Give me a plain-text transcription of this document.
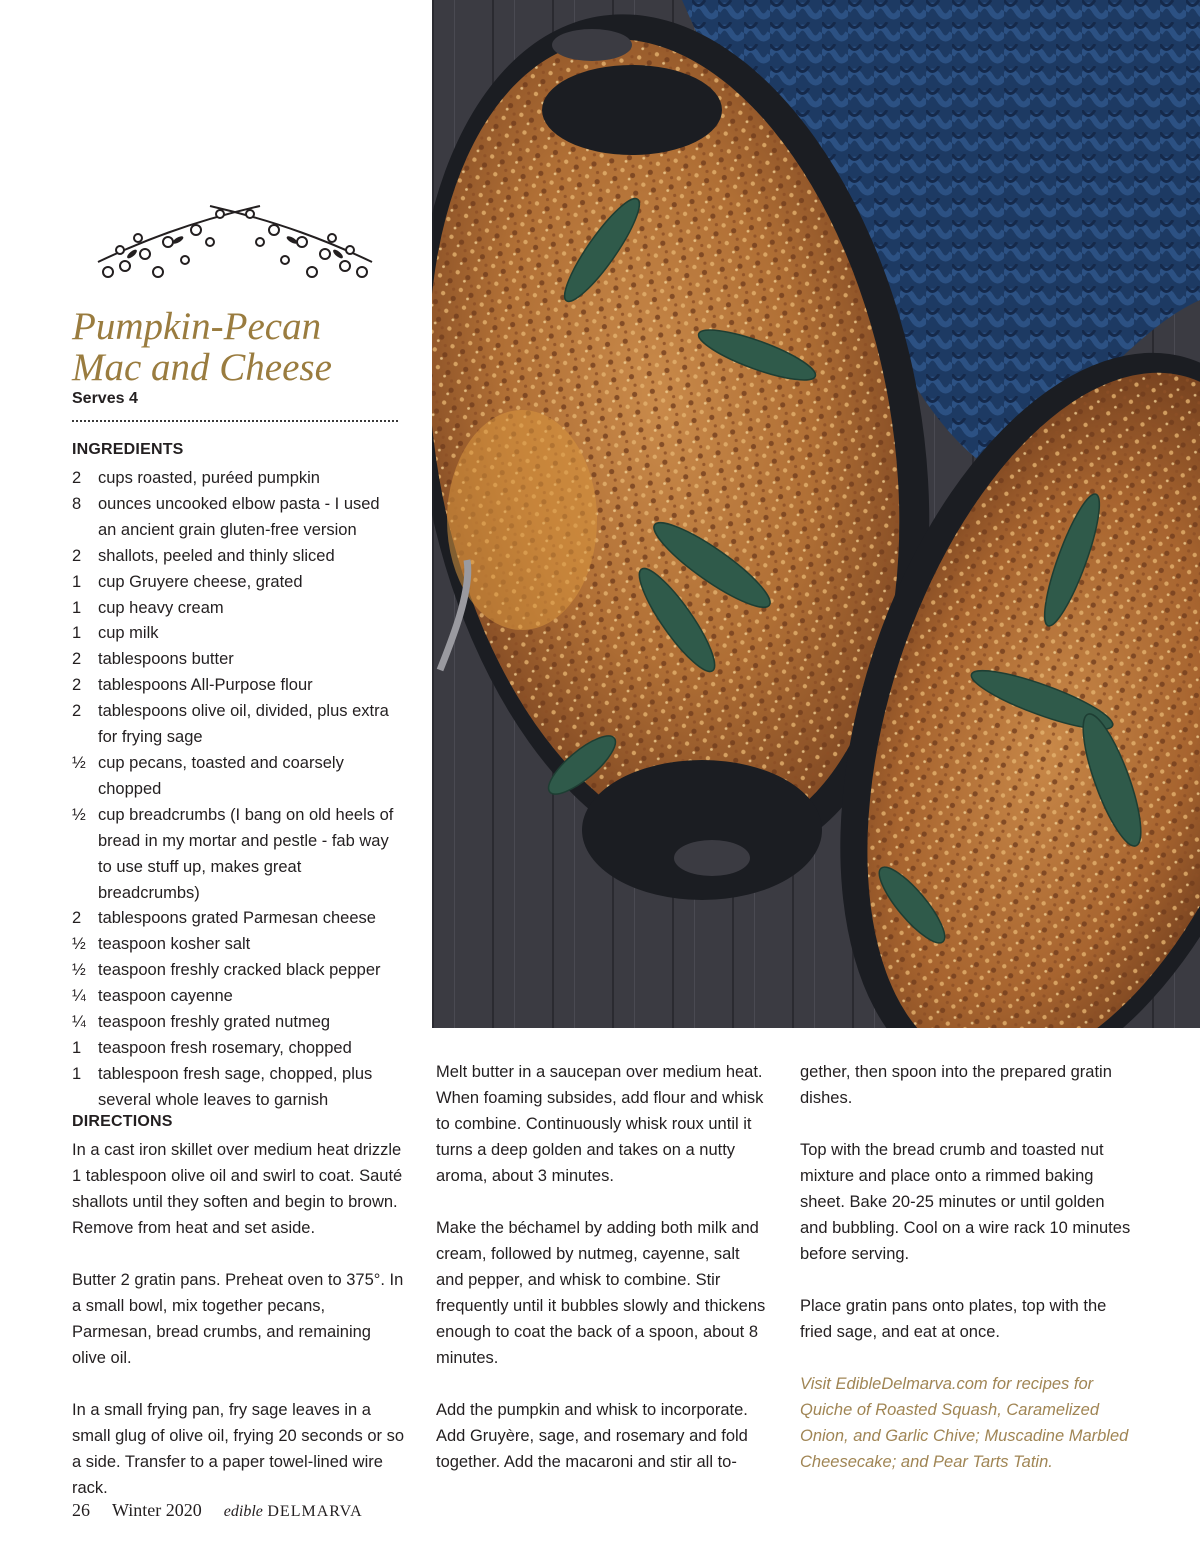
Pumpkin-Pecan
Mac and Cheese
Serves 4
INGREDIENTS
2	cups roasted, puréed pumpkin
8	ounces uncooked elbow pasta - I used an ancient grain gluten-free version
2	shallots, peeled and thinly sliced
1	cup Gruyere cheese, grated
1	cup heavy cream
1	cup milk
2	tablespoons butter
2	tablespoons All-Purpose flour
2	tablespoons olive oil, divided, plus extra for frying sage
½ cup pecans, toasted and coarsely chopped
½ cup breadcrumbs (I bang on old heels of bread in my mortar and pestle - fab way to use stuff up, makes great breadcrumbs)
2	tablespoons grated Parmesan cheese
½ teaspoon kosher salt
½ teaspoon freshly cracked black pepper
¼ teaspoon cayenne
¼ teaspoon freshly grated nutmeg
1	teaspoon fresh rosemary, chopped
1	tablespoon fresh sage, chopped, plus several whole leaves to garnish
DIRECTIONS

In a cast iron skillet over medium heat drizzle 1 tablespoon olive oil and swirl to coat. Sauté shallots until they soften and begin to brown. Remove from heat and set aside.

Butter 2 gratin pans. Preheat oven to 375°. In a small bowl, mix together pecans, Parmesan, bread crumbs, and remaining olive oil.

In a small frying pan, fry sage leaves in a small glug of olive oil, frying 20 seconds or so a side. Transfer to a paper towel-lined wire rack.

Melt butter in a saucepan over medium heat. When foaming subsides, add flour and whisk to combine. Continuously whisk roux until it turns a deep golden and takes on a nutty aroma, about 3 minutes.

Make the béchamel by adding both milk and cream, followed by nutmeg, cayenne, salt and pepper, and whisk to combine. Stir frequently until it bubbles slowly and thickens enough to coat the back of a spoon, about 8 minutes.

Add the pumpkin and whisk to incorporate. Add Gruyère, sage, and rosemary and fold together. Add the macaroni and stir all to-

gether, then spoon into the prepared gratin dishes.

Top with the bread crumb and toasted nut mixture and place onto a rimmed baking sheet. Bake 20-25 minutes or until golden and bubbling. Cool on a wire rack 10 minutes before serving.

Place gratin pans onto plates, top with the fried sage, and eat at once.

Visit EdibleDelmarva.com for recipes for Quiche of Roasted Squash, Caramelized Onion, and Garlic Chive; Muscadine Marbled Cheesecake; and Pear Tarts Tatin.

26 Winter 2020 edible DELMARVA
